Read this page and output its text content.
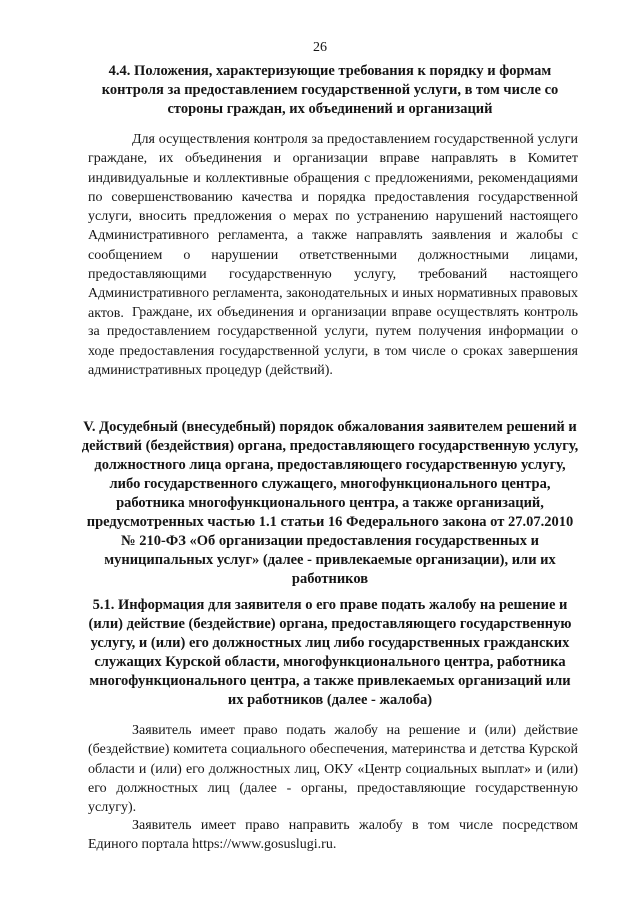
26
4.4. Положения, характеризующие требования к порядку и формам контроля за предоставлением государственной услуги, в том числе со стороны граждан, их объединений и организаций

Для осуществления контроля за предоставлением государственной услуги граждане, их объединения и организации вправе направлять в Комитет индивидуальные и коллективные обращения с предложениями, рекомендациями по совершенствованию качества и порядка предоставления государственной услуги, вносить предложения о мерах по устранению нарушений настоящего Административного регламента, а также направлять заявления и жалобы с сообщением о нарушении ответственными должностными лицами, предоставляющими государственную услугу, требований настоящего Административного регламента, законодательных и иных нормативных правовых актов. Граждане, их объединения и организации вправе осуществлять контроль за предоставлением государственной услуги, путем получения информации о ходе предоставления государственной услуги, в том числе о сроках завершения административных процедур (действий).

V. Досудебный (внесудебный) порядок обжалования заявителем решений и действий (бездействия) органа, предоставляющего государственную услугу, должностного лица органа, предоставляющего государственную услугу, либо государственного служащего, многофункционального центра, работника многофункционального центра, а также организаций, предусмотренных частью 1.1 статьи 16 Федерального закона от 27.07.2010 № 210-ФЗ «Об организации предоставления государственных и муниципальных услуг» (далее - привлекаемые организации), или их работников
5.1. Информация для заявителя о его праве подать жалобу на решение и (или) действие (бездействие) органа, предоставляющего государственную услугу, и (или) его должностных лиц либо государственных гражданских служащих Курской области, многофункционального центра, работника многофункционального центра, а также привлекаемых организаций или их работников (далее - жалоба)

Заявитель имеет право подать жалобу на решение и (или) действие (бездействие) комитета социального обеспечения, материнства и детства Курской области и (или) его должностных лиц, ОКУ «Центр социальных выплат» и (или) его должностных лиц (далее - органы, предоставляющие государственную услугу).

Заявитель имеет право направить жалобу в том числе посредством Единого портала https://www.gosuslugi.ru.
